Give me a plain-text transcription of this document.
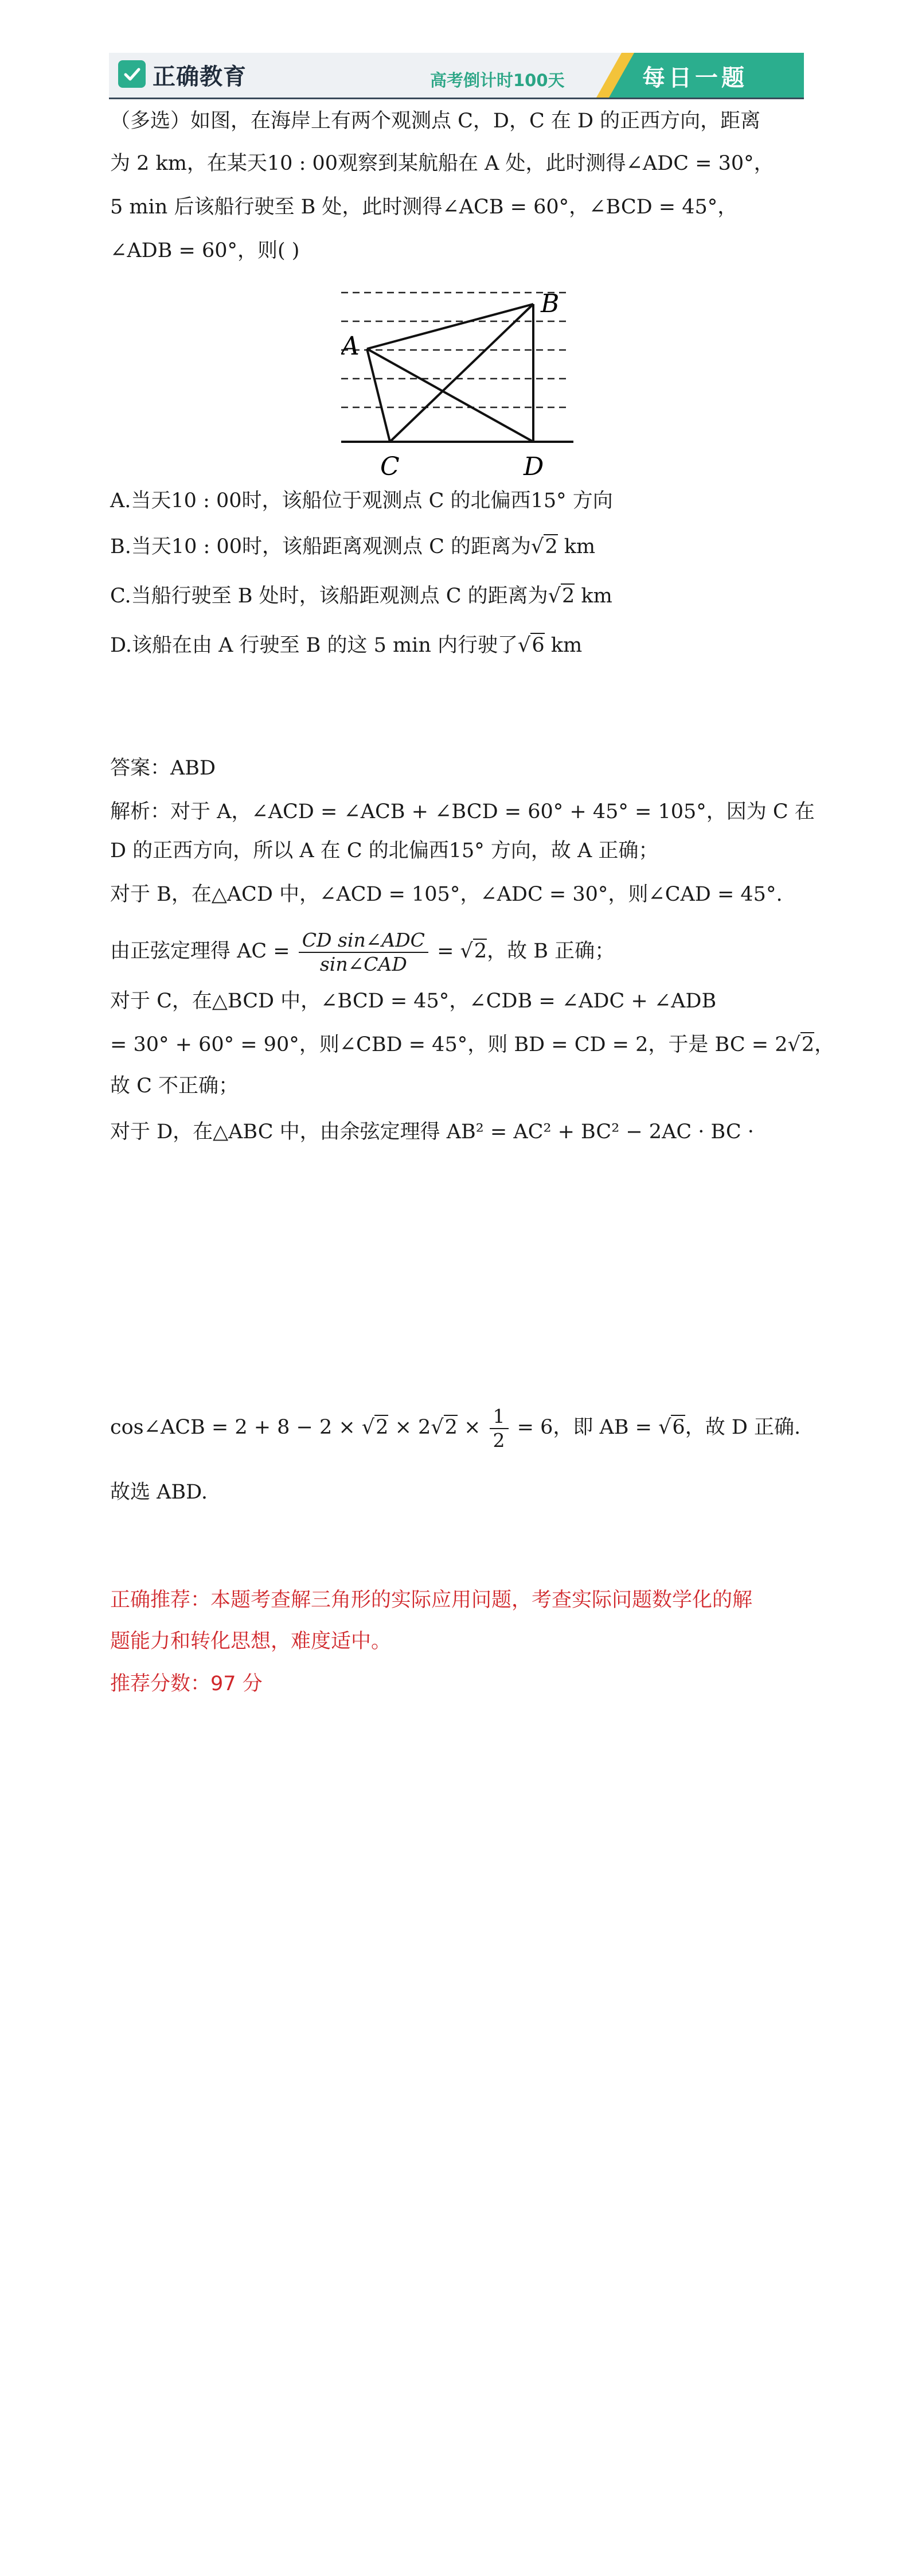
正确教育	高考倒计时100天	每日一题
（多选）如图，在海岸上有两个观测点 C，D，C 在 D 的正西方向，距离
为 2 km，在某天10 : 00观察到某航船在 A 处，此时测得∠ADC = 30°，
5 min 后该船行驶至 B 处，此时测得∠ACB = 60°，∠BCD = 45°，
∠ADB = 60°，则( )
A
B
C	D
A.当天10 : 00时，该船位于观测点 C 的北偏西15° 方向
B.当天10 : 00时，该船距离观测点 C 的距离为√2 km
C.当船行驶至 B 处时，该船距观测点 C 的距离为√2 km
D.该船在由 A 行驶至 B 的这 5 min 内行驶了√6 km
答案：ABD
解析：对于 A，∠ACD = ∠ACB + ∠BCD = 60° + 45° = 105°，因为 C 在
D 的正西方向，所以 A 在 C 的北偏西15° 方向，故 A 正确；
对于 B，在△ACD 中，∠ACD = 105°，∠ADC = 30°，则∠CAD = 45°.
由正弦定理得 AC = $\frac{\text{CD sin∠ADC}}{\text{sin∠CAD}} = √2$，故 B 正确；
对于 C，在△BCD 中，∠BCD = 45°，∠CDB = ∠ADC + ∠ADB
= 30° + 60° = 90°，则∠CBD = 45°，则 BD = CD = 2，于是 BC = 2√2，
故 C 不正确；
对于 D，在△ABC 中，由余弦定理得 AB² = AC² + BC² − 2AC · BC ·
cos∠ACB = $2 + 8 - 2 \times √2 \times 2√2 \times \frac{1}{2} = 6$，即 AB = √6，故 D 正确.
故选 ABD.
正确推荐：本题考查解三角形的实际应用问题，考查实际问题数学化的解
题能力和转化思想，难度适中。
推荐分数：97 分
